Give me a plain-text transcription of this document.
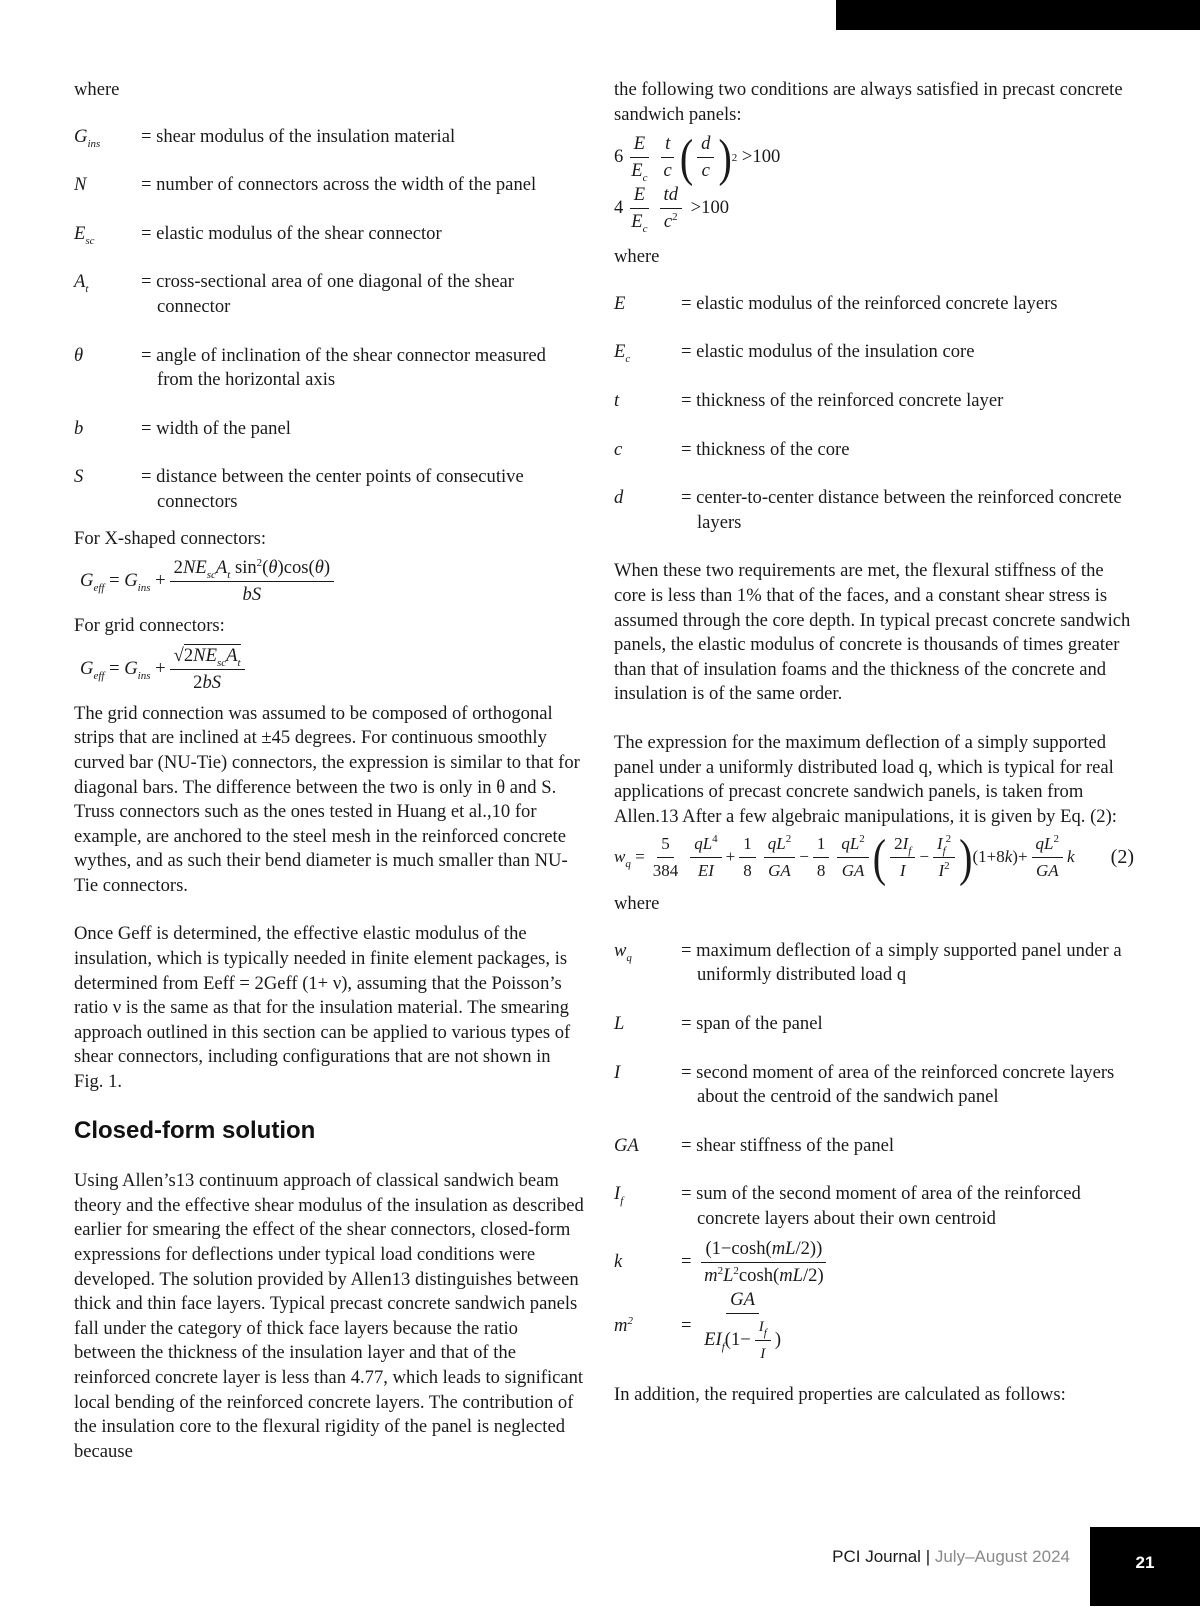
where

$G_{ins}$	= shear modulus of the insulation material
N	= number of connectors across the width of the panel
$E_{sc}$	= elastic modulus of the shear connector
$A_t$	= cross-sectional area of one diagonal of the shear connector
θ	= angle of inclination of the shear connector measured from the horizontal axis
b	= width of the panel
S	= distance between the center points of consecutive connectors

For X-shaped connectors:

$G_{eff} = G_{ins} + \frac{2NE_{sc}A_t \sin^2(\theta)\cos(\theta)}{bS}$

For grid connectors:

$G_{eff} = G_{ins} + \frac{√2NE_{sc}A_t}{2bS}$

The grid connection was assumed to be composed of orthogonal strips that are inclined at ±45 degrees. For continuous smoothly curved bar (NU-Tie) connectors, the expression is similar to that for diagonal bars. The difference between the two is only in θ and S. Truss connectors such as the ones tested in Huang et al.,10 for example, are anchored to the steel mesh in the reinforced concrete wythes, and as such their bend diameter is much smaller than NU-Tie connectors.

Once Geff is determined, the effective elastic modulus of the insulation, which is typically needed in finite element packages, is determined from Eeff = 2Geff (1+ ν), assuming that the Poisson’s ratio ν is the same as that for the insulation material. The smearing approach outlined in this section can be applied to various types of shear connectors, including configurations that are not shown in Fig. 1.

Closed-form solution

Using Allen’s13 continuum approach of classical sandwich beam theory and the effective shear modulus of the insulation as described earlier for smearing the effect of the shear connectors, closed-form expressions for deflections under typical load conditions were developed. The solution provided by Allen13 distinguishes between thick and thin face layers. Typical precast concrete sandwich panels fall under the category of thick face layers because the ratio between the thickness of the insulation layer and that of the reinforced concrete layer is less than 4.77, which leads to significant local bending of the reinforced concrete layers. The contribution of the insulation core to the flexural rigidity of the panel is neglected because

the following two conditions are always satisfied in precast concrete sandwich panels:

$6 \frac{E}{E_c} \frac{t}{c}$ ( $\frac{d}{c}$ ) 2 >100
$4 \frac{E}{E_c} \frac{td}{c^2} >100$

where

E	= elastic modulus of the reinforced concrete layers
$E_c$	= elastic modulus of the insulation core
t	= thickness of the reinforced concrete layer
c	= thickness of the core
d	= center-to-center distance between the reinforced concrete layers

When these two requirements are met, the flexural stiffness of the core is less than 1% that of the faces, and a constant shear stress is assumed through the core depth. In typical precast concrete sandwich panels, the elastic modulus of concrete is thousands of times greater than that of insulation foams and the thickness of the concrete and insulation is of the same order.

The expression for the maximum deflection of a simply supported panel under a uniformly distributed load q, which is typical for real applications of precast concrete sandwich panels, is taken from Allen.13 After a few algebraic manipulations, it is given by Eq. (2):

$w_q = \frac{5}{384} \frac{qL^4}{EI} + \frac{1}{8} \frac{qL^2}{GA} - \frac{1}{8} \frac{qL^2}{GA}$ ( $\frac{2I_f}{I} - \frac{I_f^2}{I^2}$ ) (1+8 k )+ $\frac{qL^2}{GA}$ k (2)

where

$w_q$	= maximum deflection of a simply supported panel under a uniformly distributed load q
L	= span of the panel
I	= second moment of area of the reinforced concrete layers about the centroid of the sandwich panel
GA	= shear stiffness of the panel
$I_f$	= sum of the second moment of area of the reinforced concrete layers about their own centroid
k	= $\frac{(1-\cosh(mL/2))}{m^2L^2\cosh(mL/2)}$
$m^2$	= $\frac{GA}{EI_f(1- \frac{I_f}{I} )}$

In addition, the required properties are calculated as follows:

PCI Journal | July–August 2024	21
